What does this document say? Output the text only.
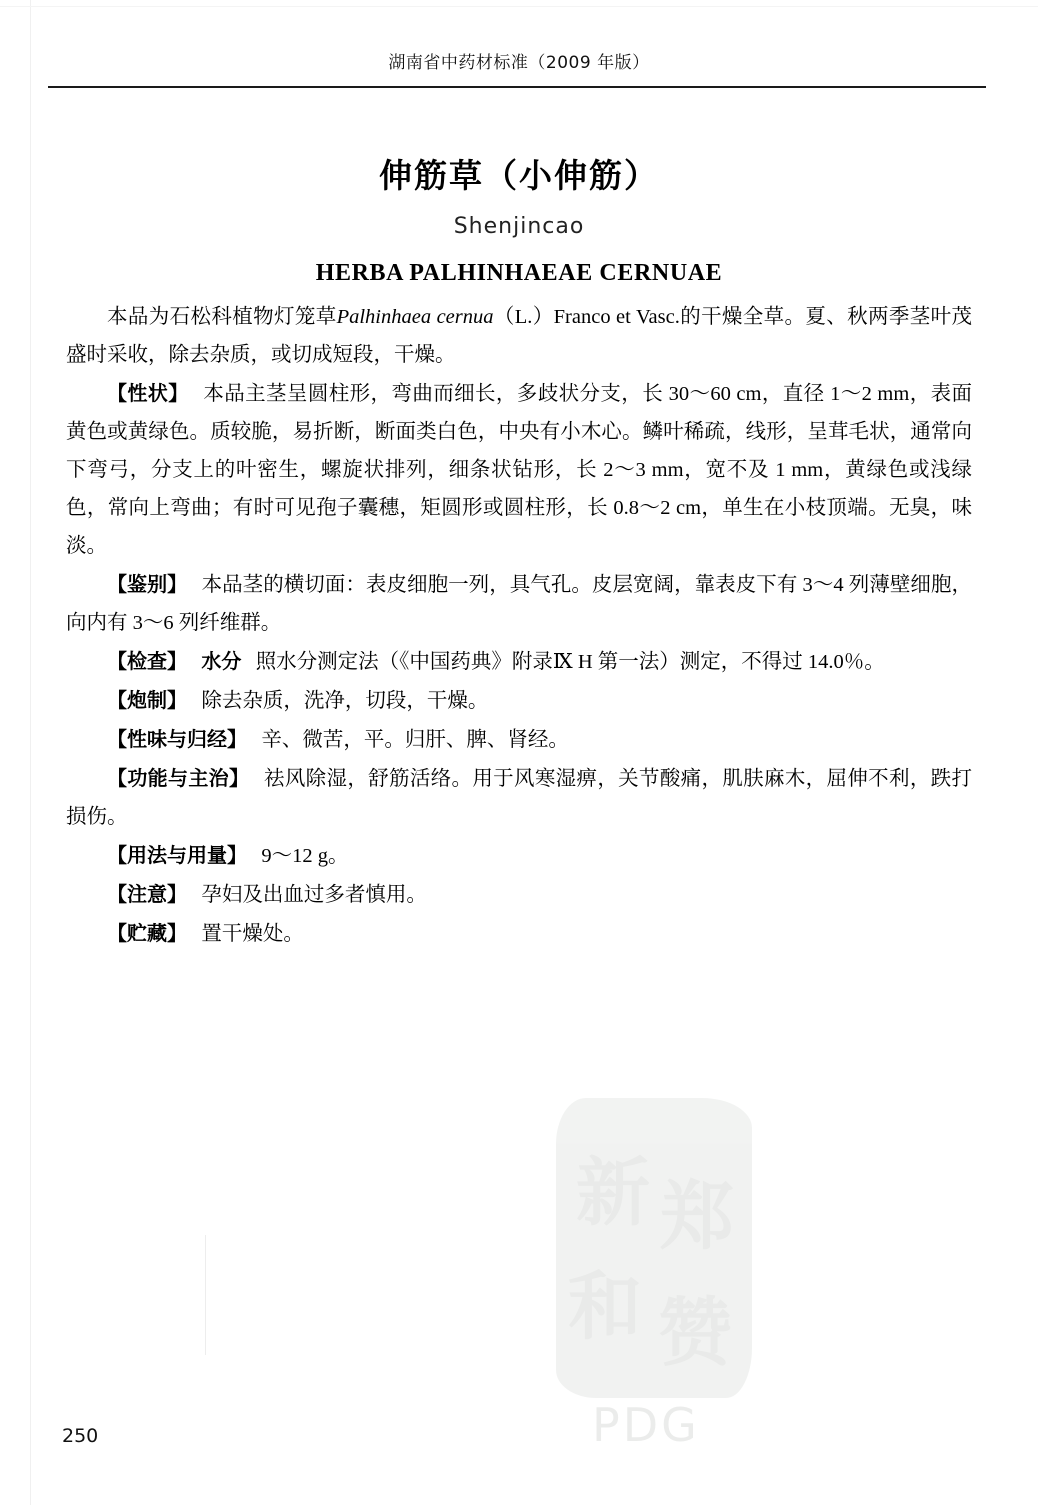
湖南省中药材标准（2009 年版）
伸筋草（小伸筋）
Shenjincao
HERBA PALHINHAEAE CERNUAE

本品为石松科植物灯笼草Palhinhaea cernua（L.）Franco et Vasc.的干燥全草。夏、秋两季茎叶茂盛时采收，除去杂质，或切成短段，干燥。

【性状】 本品主茎呈圆柱形，弯曲而细长，多歧状分支，长 30～60 cm，直径 1～2 mm，表面黄色或黄绿色。质较脆，易折断，断面类白色，中央有小木心。鳞叶稀疏，线形，呈茸毛状，通常向下弯弓，分支上的叶密生，螺旋状排列，细条状钻形，长 2～3 mm，宽不及 1 mm，黄绿色或浅绿色，常向上弯曲；有时可见孢子囊穗，矩圆形或圆柱形，长 0.8～2 cm，单生在小枝顶端。无臭，味淡。

【鉴别】 本品茎的横切面：表皮细胞一列，具气孔。皮层宽阔，靠表皮下有 3～4 列薄壁细胞，向内有 3～6 列纤维群。

【检查】 水分 照水分测定法（《中国药典》附录Ⅸ H 第一法）测定，不得过 14.0％。

【炮制】 除去杂质，洗净，切段，干燥。

【性味与归经】 辛、微苦，平。归肝、脾、肾经。

【功能与主治】 祛风除湿，舒筋活络。用于风寒湿痹，关节酸痛，肌肤麻木，屈伸不利，跌打损伤。

【用法与用量】 9～12 g。

【注意】 孕妇及出血过多者慎用。

【贮藏】 置干燥处。

新 郑
和 赞
PDG
250
